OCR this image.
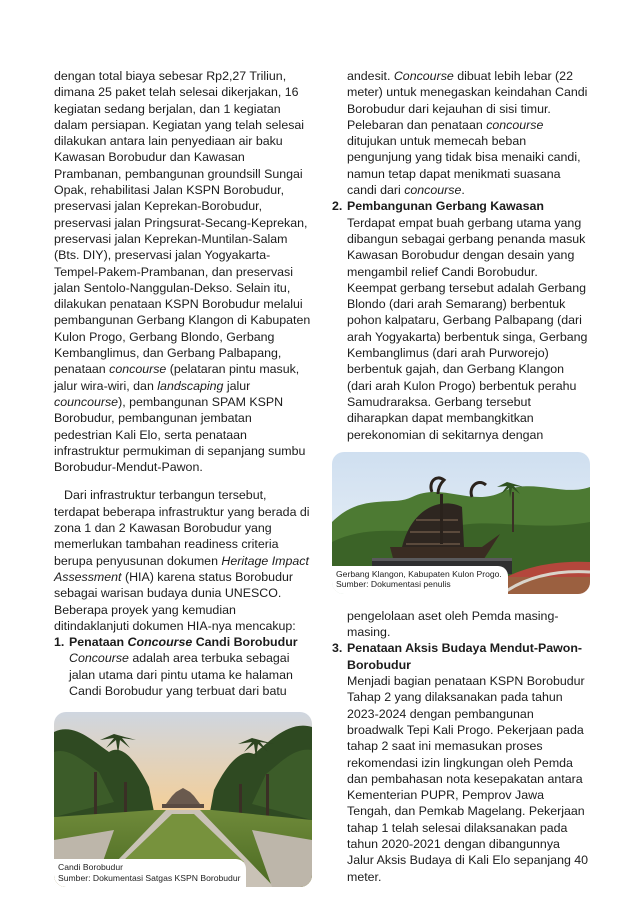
dengan total biaya sebesar Rp2,27 Triliun, dimana 25 paket telah selesai dikerjakan, 16 kegiatan sedang berjalan, dan 1 kegiatan dalam persiapan. Kegiatan yang telah selesai dilakukan antara lain penyediaan air baku Kawasan Borobudur dan Kawasan Prambanan, pembangunan groundsill Sungai Opak, rehabilitasi Jalan KSPN Borobudur, preservasi jalan Keprekan-Borobudur, preservasi jalan Pringsurat-Secang-Keprekan, preservasi jalan Keprekan-Muntilan-Salam (Bts. DIY), preservasi jalan Yogyakarta-Tempel-Pakem-Prambanan, dan preservasi jalan Sentolo-Nanggulan-Dekso. Selain itu, dilakukan penataan KSPN Borobudur melalui pembangunan Gerbang Klangon di Kabupaten Kulon Progo, Gerbang Blondo, Gerbang Kembanglimus, dan Gerbang Palbapang, penataan concourse (pelataran pintu masuk, jalur wira-wiri, dan landscaping jalur councourse), pembangunan SPAM KSPN Borobudur, pembangunan jembatan pedestrian Kali Elo, serta penataan infrastruktur permukiman di sepanjang sumbu Borobudur-Mendut-Pawon.

Dari infrastruktur terbangun tersebut, terdapat beberapa infrastruktur yang berada di zona 1 dan 2 Kawasan Borobudur yang memerlukan tambahan readiness criteria berupa penyusunan dokumen Heritage Impact Assessment (HIA) karena status Borobudur sebagai warisan budaya dunia UNESCO. Beberapa proyek yang kemudian ditindaklanjuti dokumen HIA-nya mencakup:

1. Penataan Concourse Candi Borobudur
Concourse adalah area terbuka sebagai jalan utama dari pintu utama ke halaman Candi Borobudur yang terbuat dari batu
Candi Borobudur
Sumber: Dokumentasi Satgas KSPN Borobudur
andesit. Concourse dibuat lebih lebar (22 meter) untuk menegaskan keindahan Candi Borobudur dari kejauhan di sisi timur. Pelebaran dan penataan concourse ditujukan untuk memecah beban pengunjung yang tidak bisa menaiki candi, namun tetap dapat menikmati suasana candi dari concourse.
2. Pembangunan Gerbang Kawasan
Terdapat empat buah gerbang utama yang dibangun sebagai gerbang penanda masuk Kawasan Borobudur dengan desain yang mengambil relief Candi Borobudur. Keempat gerbang tersebut adalah Gerbang Blondo (dari arah Semarang) berbentuk pohon kalpataru, Gerbang Palbapang (dari arah Yogyakarta) berbentuk singa, Gerbang Kembanglimus (dari arah Purworejo) berbentuk gajah, dan Gerbang Klangon (dari arah Kulon Progo) berbentuk perahu Samudraraksa. Gerbang tersebut diharapkan dapat membangkitkan perekonomian di sekitarnya dengan
Gerbang Klangon, Kabupaten Kulon Progo.
Sumber: Dokumentasi penulis
pengelolaan aset oleh Pemda masing-masing.
3. Penataan Aksis Budaya Mendut-Pawon-Borobudur
Menjadi bagian penataan KSPN Borobudur Tahap 2 yang dilaksanakan pada tahun 2023-2024 dengan pembangunan broadwalk Tepi Kali Progo. Pekerjaan pada tahap 2 saat ini memasukan proses rekomendasi izin lingkungan oleh Pemda dan pembahasan nota kesepakatan antara Kementerian PUPR, Pemprov Jawa Tengah, dan Pemkab Magelang. Pekerjaan tahap 1 telah selesai dilaksanakan pada tahun 2020-2021 dengan dibangunnya Jalur Aksis Budaya di Kali Elo sepanjang 40 meter.
